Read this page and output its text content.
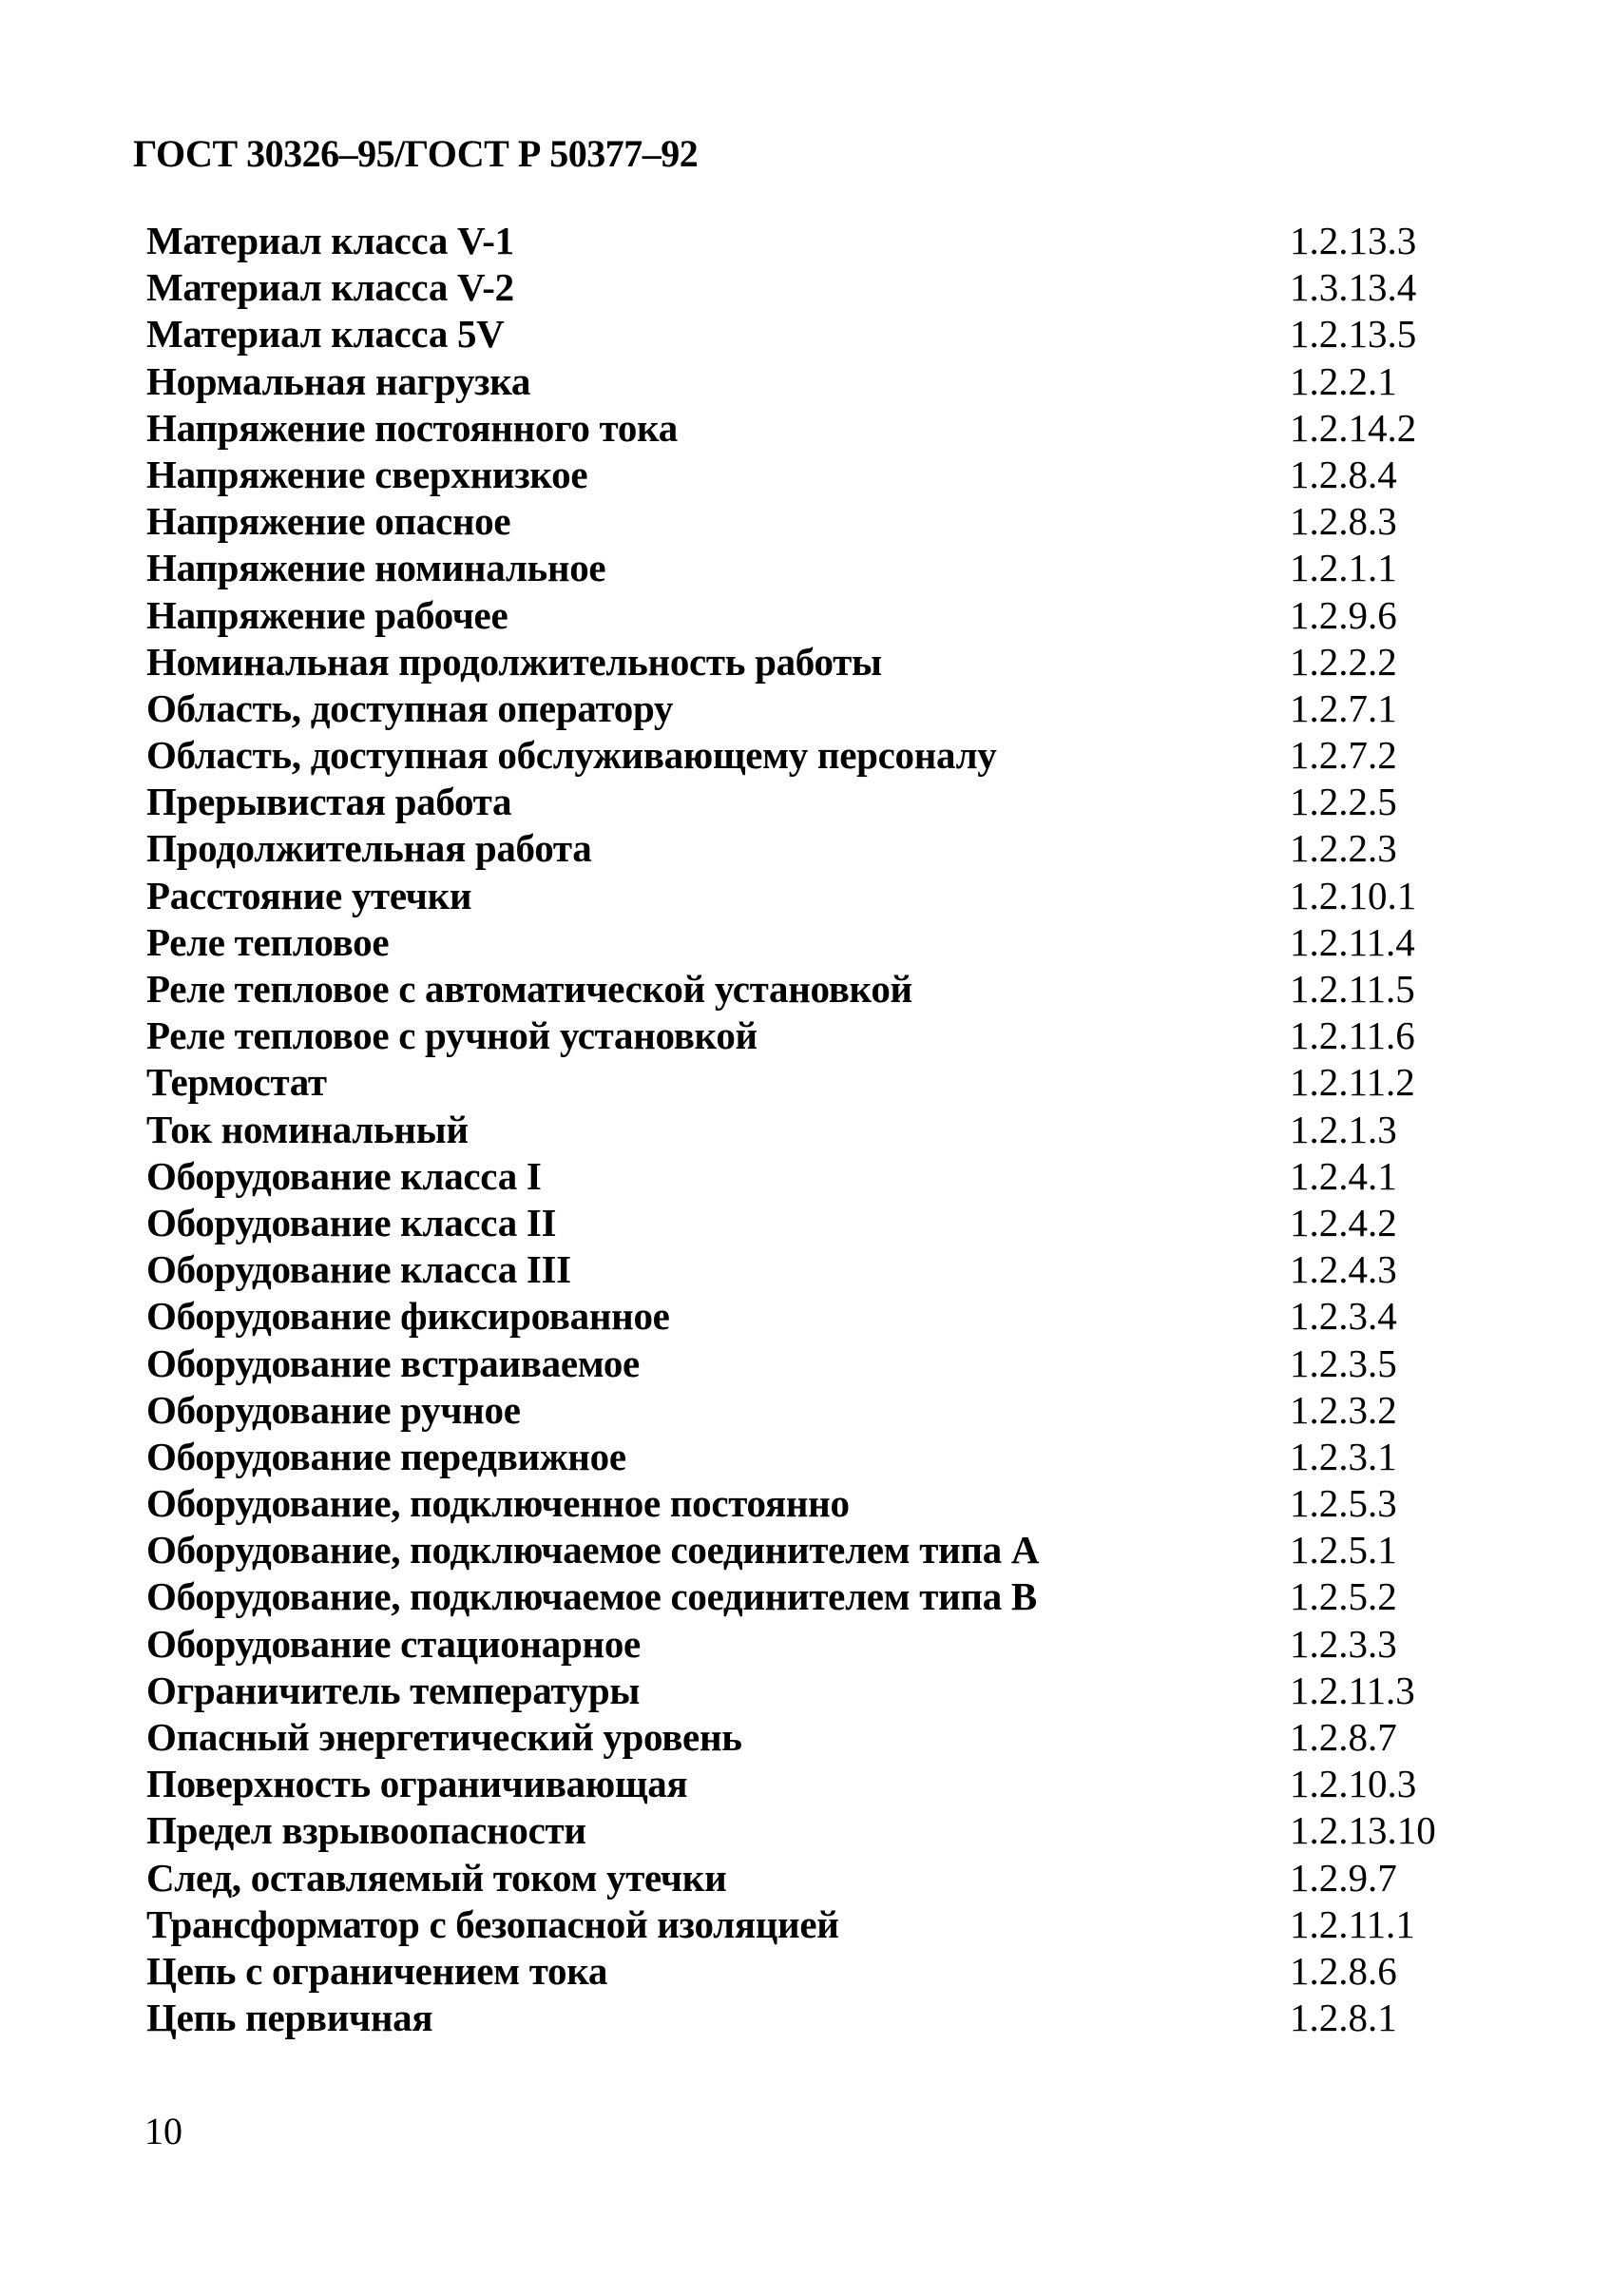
ГОСТ 30326–95/ГОСТ Р 50377–92
Материал класса V-1	1.2.13.3
Материал класса V-2	1.3.13.4
Материал класса 5V	1.2.13.5
Нормальная нагрузка	1.2.2.1
Напряжение постоянного тока	1.2.14.2
Напряжение сверхнизкое	1.2.8.4
Напряжение опасное	1.2.8.3
Напряжение номинальное	1.2.1.1
Напряжение рабочее	1.2.9.6
Номинальная продолжительность работы	1.2.2.2
Область, доступная оператору	1.2.7.1
Область, доступная обслуживающему персоналу	1.2.7.2
Прерывистая работа	1.2.2.5
Продолжительная работа	1.2.2.3
Расстояние утечки	1.2.10.1
Реле тепловое	1.2.11.4
Реле тепловое с автоматической установкой	1.2.11.5
Реле тепловое с ручной установкой	1.2.11.6
Термостат	1.2.11.2
Ток номинальный	1.2.1.3
Оборудование класса I	1.2.4.1
Оборудование класса II	1.2.4.2
Оборудование класса III	1.2.4.3
Оборудование фиксированное	1.2.3.4
Оборудование встраиваемое	1.2.3.5
Оборудование ручное	1.2.3.2
Оборудование передвижное	1.2.3.1
Оборудование, подключенное постоянно	1.2.5.3
Оборудование, подключаемое соединителем типа А	1.2.5.1
Оборудование, подключаемое соединителем типа В	1.2.5.2
Оборудование стационарное	1.2.3.3
Ограничитель температуры	1.2.11.3
Опасный энергетический уровень	1.2.8.7
Поверхность ограничивающая	1.2.10.3
Предел взрывоопасности	1.2.13.10
След, оставляемый током утечки	1.2.9.7
Трансформатор с безопасной изоляцией	1.2.11.1
Цепь с ограничением тока	1.2.8.6
Цепь первичная	1.2.8.1
10
